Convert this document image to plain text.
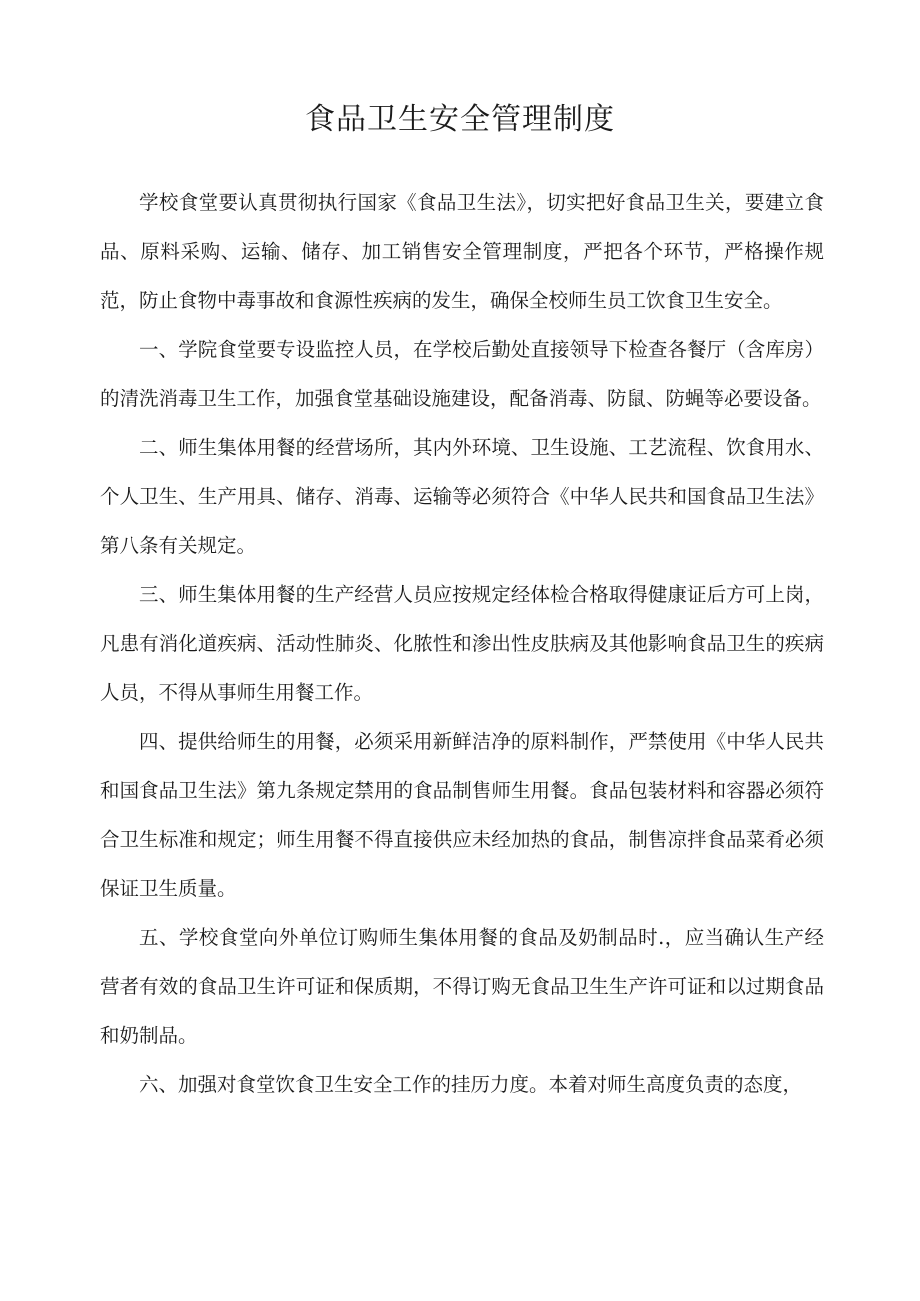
食品卫生安全管理制度

学校食堂要认真贯彻执行国家《食品卫生法》，切实把好食品卫生关，要建立食品、原料采购、运输、储存、加工销售安全管理制度，严把各个环节，严格操作规范，防止食物中毒事故和食源性疾病的发生，确保全校师生员工饮食卫生安全。

一、学院食堂要专设监控人员，在学校后勤处直接领导下检查各餐厅（含库房）的清洗消毒卫生工作，加强食堂基础设施建设，配备消毒、防鼠、防蝇等必要设备。

二、师生集体用餐的经营场所，其内外环境、卫生设施、工艺流程、饮食用水、个人卫生、生产用具、储存、消毒、运输等必须符合《中华人民共和国食品卫生法》第八条有关规定。

三、师生集体用餐的生产经营人员应按规定经体检合格取得健康证后方可上岗，凡患有消化道疾病、活动性肺炎、化脓性和渗出性皮肤病及其他影响食品卫生的疾病人员，不得从事师生用餐工作。

四、提供给师生的用餐，必须采用新鲜洁净的原料制作，严禁使用《中华人民共和国食品卫生法》第九条规定禁用的食品制售师生用餐。食品包装材料和容器必须符合卫生标准和规定；师生用餐不得直接供应未经加热的食品，制售凉拌食品菜肴必须保证卫生质量。

五、学校食堂向外单位订购师生集体用餐的食品及奶制品时.，应当确认生产经营者有效的食品卫生许可证和保质期，不得订购无食品卫生生产许可证和以过期食品和奶制品。

六、加强对食堂饮食卫生安全工作的挂历力度。本着对师生高度负责的态度，
